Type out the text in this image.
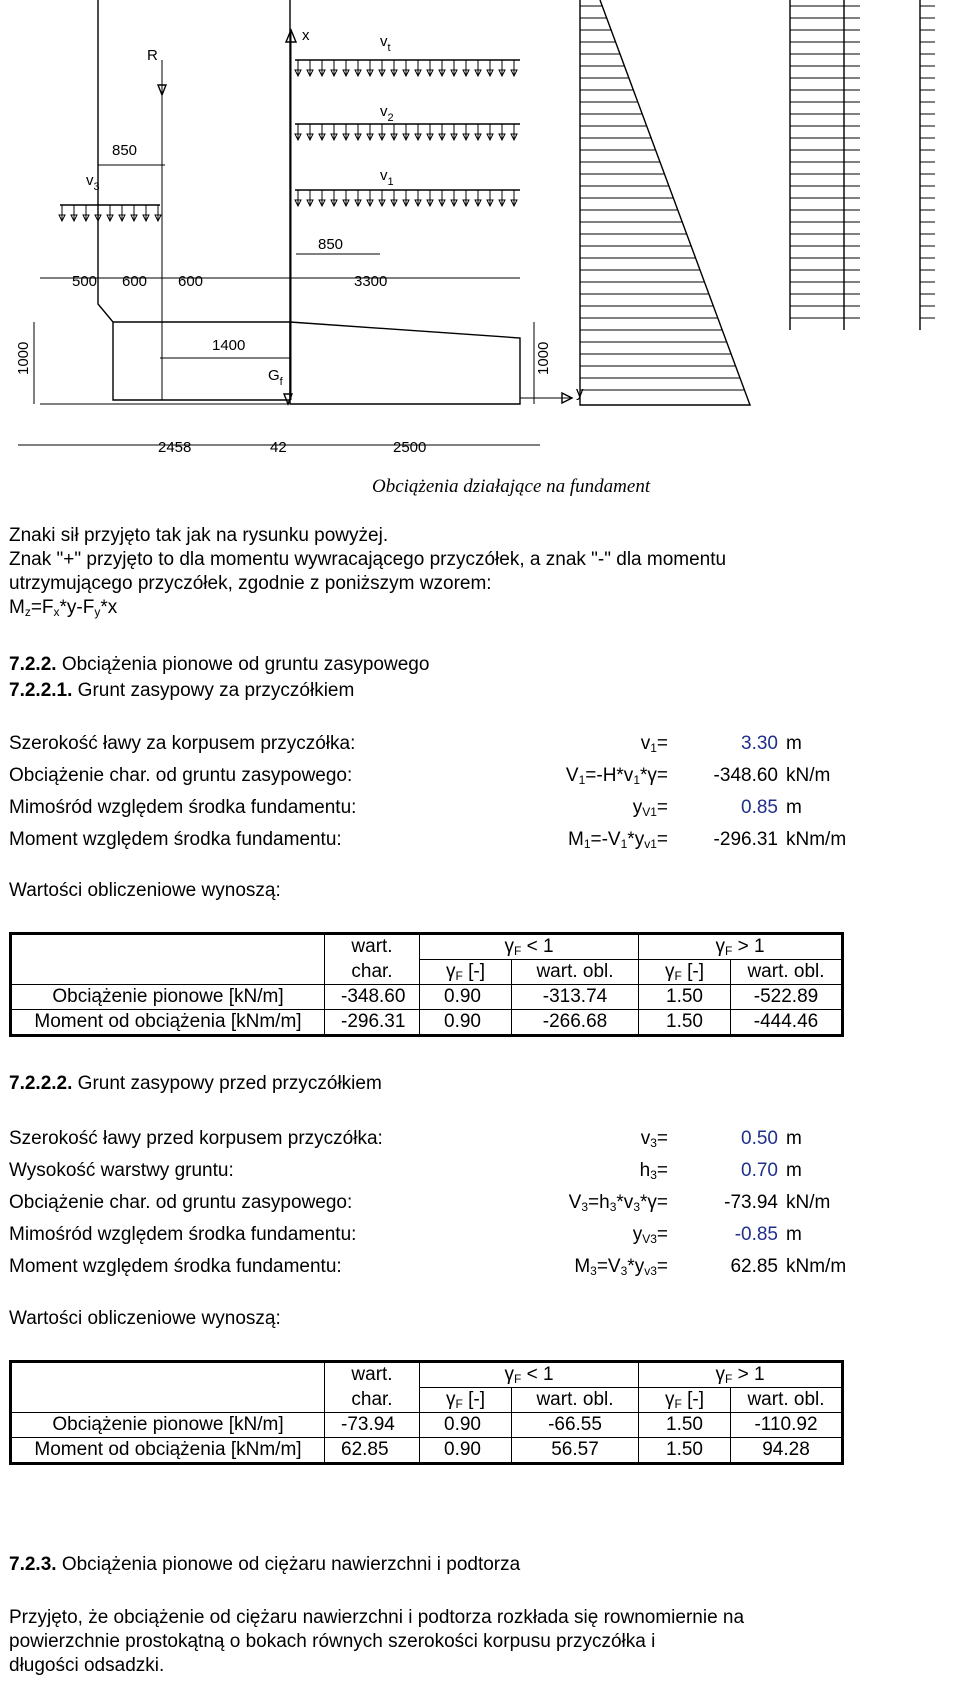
R
x
y
$v_t$
$v_2$
$v_1$
$v_3$
$G_f$
850
850
500 600 600	3300
1400
1000	1000
2458	42	2500
Obciążenia działające na fundament
Znaki sił przyjęto tak jak na rysunku powyżej.
Znak "+" przyjęto to dla momentu wywracającego przyczółek, a znak "-" dla momentu
utrzymującego przyczółek, zgodnie z poniższym wzorem:
$M_z=F_x*y-F_y*x$
7.2.2. Obciążenia pionowe od gruntu zasypowego
7.2.2.1. Grunt zasypowy za przyczółkiem
Szerokość ławy za korpusem przyczółka:	$v_1=$	3.30 m
Obciążenie char. od gruntu zasypowego:	$V_1=-H*v_1*\gamma=$	-348.60 kN/m
Mimośród względem środka fundamentu:	$y_{V1}=$	0.85 m
Moment względem środka fundamentu:	$M_1=-V_1*y_{v1}=$	-296.31 kNm/m
Wartości obliczeniowe wynoszą:
	wart.	$\gamma_F < 1$		$\gamma_F > 1$	
	char.	$\gamma_F$ [-]	wart. obl.	$\gamma_F$ [-]	wart. obl.
Obciążenie pionowe [kN/m]	-348.60	0.90	-313.74	1.50	-522.89
Moment od obciążenia [kNm/m]	-296.31	0.90	-266.68	1.50	-444.46
7.2.2.2. Grunt zasypowy przed przyczółkiem
Szerokość ławy przed korpusem przyczółka:	$v_3=$	0.50 m
Wysokość warstwy gruntu:	$h_3=$	0.70 m
Obciążenie char. od gruntu zasypowego:	$V_3=h_3*v_3*\gamma=$	-73.94 kN/m
Mimośród względem środka fundamentu:	$y_{V3}=$	-0.85 m
Moment względem środka fundamentu:	$M_3=V_3*y_{v3}=$	62.85 kNm/m
Wartości obliczeniowe wynoszą:
	wart.	$\gamma_F < 1$		$\gamma_F > 1$	
	char.	$\gamma_F$ [-]	wart. obl.	$\gamma_F$ [-]	wart. obl.
Obciążenie pionowe [kN/m]	-73.94	0.90	-66.55	1.50	-110.92
Moment od obciążenia [kNm/m]	62.85	0.90	56.57	1.50	94.28
7.2.3. Obciążenia pionowe od ciężaru nawierzchni i podtorza
Przyjęto, że obciążenie od ciężaru nawierzchni i podtorza rozkłada się rownomiernie na
powierzchnie prostokątną o bokach równych szerokości korpusu przyczółka i
długości odsadzki.
